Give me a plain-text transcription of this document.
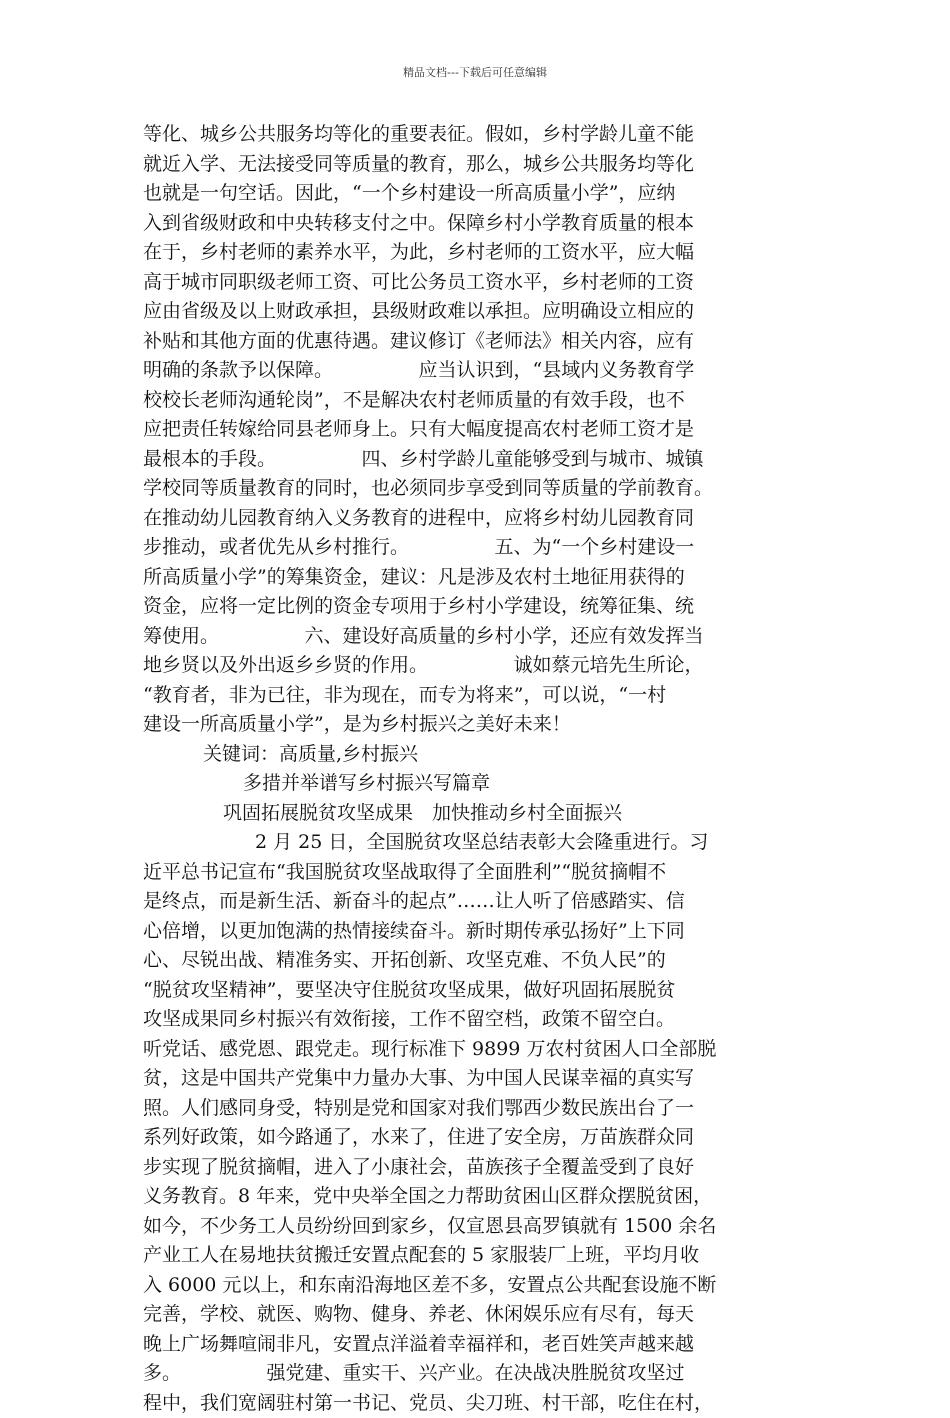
精品文档---下载后可任意编辑
等化、城乡公共服务均等化的重要表征。假如，乡村学龄儿童不能
就近入学、无法接受同等质量的教育，那么，城乡公共服务均等化
也就是一句空话。因此，“一个乡村建设一所高质量小学”，应纳
入到省级财政和中央转移支付之中。保障乡村小学教育质量的根本
在于，乡村老师的素养水平，为此，乡村老师的工资水平，应大幅
高于城市同职级老师工资、可比公务员工资水平，乡村老师的工资
应由省级及以上财政承担，县级财政难以承担。应明确设立相应的
补贴和其他方面的优惠待遇。建议修订《老师法》相关内容，应有
明确的条款予以保障。　　　　　应当认识到，“县域内义务教育学
校校长老师沟通轮岗”，不是解决农村老师质量的有效手段，也不
应把责任转嫁给同县老师身上。只有大幅度提高农村老师工资才是
最根本的手段。　　　　　四、乡村学龄儿童能够受到与城市、城镇
学校同等质量教育的同时，也必须同步享受到同等质量的学前教育。
在推动幼儿园教育纳入义务教育的进程中，应将乡村幼儿园教育同
步推动，或者优先从乡村推行。　　　　　五、为“一个乡村建设一
所高质量小学”的筹集资金，建议：凡是涉及农村土地征用获得的
资金，应将一定比例的资金专项用于乡村小学建设，统筹征集、统
筹使用。　　　　　六、建设好高质量的乡村小学，还应有效发挥当
地乡贤以及外出返乡乡贤的作用。　　　　　诚如蔡元培先生所论，
“教育者，非为已往，非为现在，而专为将来”，可以说，“一村
建设一所高质量小学”，是为乡村振兴之美好未来！
关键词：高质量,乡村振兴
多措并举谱写乡村振兴写篇章
巩固拓展脱贫攻坚成果　加快推动乡村全面振兴
2 月 25 日，全国脱贫攻坚总结表彰大会隆重进行。习
近平总书记宣布“我国脱贫攻坚战取得了全面胜利”“脱贫摘帽不
是终点，而是新生活、新奋斗的起点”……让人听了倍感踏实、信
心倍增，以更加饱满的热情接续奋斗。新时期传承弘扬好”上下同
心、尽锐出战、精准务实、开拓创新、攻坚克难、不负人民”的
“脱贫攻坚精神”，要坚决守住脱贫攻坚成果，做好巩固拓展脱贫
攻坚成果同乡村振兴有效衔接，工作不留空档，政策不留空白。
听党话、感党恩、跟党走。现行标准下 9899 万农村贫困人口全部脱
贫，这是中国共产党集中力量办大事、为中国人民谋幸福的真实写
照。人们感同身受，特别是党和国家对我们鄂西少数民族出台了一
系列好政策，如今路通了，水来了，住进了安全房，万苗族群众同
步实现了脱贫摘帽，进入了小康社会，苗族孩子全覆盖受到了良好
义务教育。8 年来，党中央举全国之力帮助贫困山区群众摆脱贫困，
如今，不少务工人员纷纷回到家乡，仅宣恩县高罗镇就有 1500 余名
产业工人在易地扶贫搬迁安置点配套的 5 家服装厂上班，平均月收
入 6000 元以上，和东南沿海地区差不多，安置点公共配套设施不断
完善，学校、就医、购物、健身、养老、休闲娱乐应有尽有，每天
晚上广场舞喧闹非凡，安置点洋溢着幸福祥和，老百姓笑声越来越
多。　　　　　强党建、重实干、兴产业。在决战决胜脱贫攻坚过
程中，我们宽阔驻村第一书记、党员、尖刀班、村干部，吃住在村，
